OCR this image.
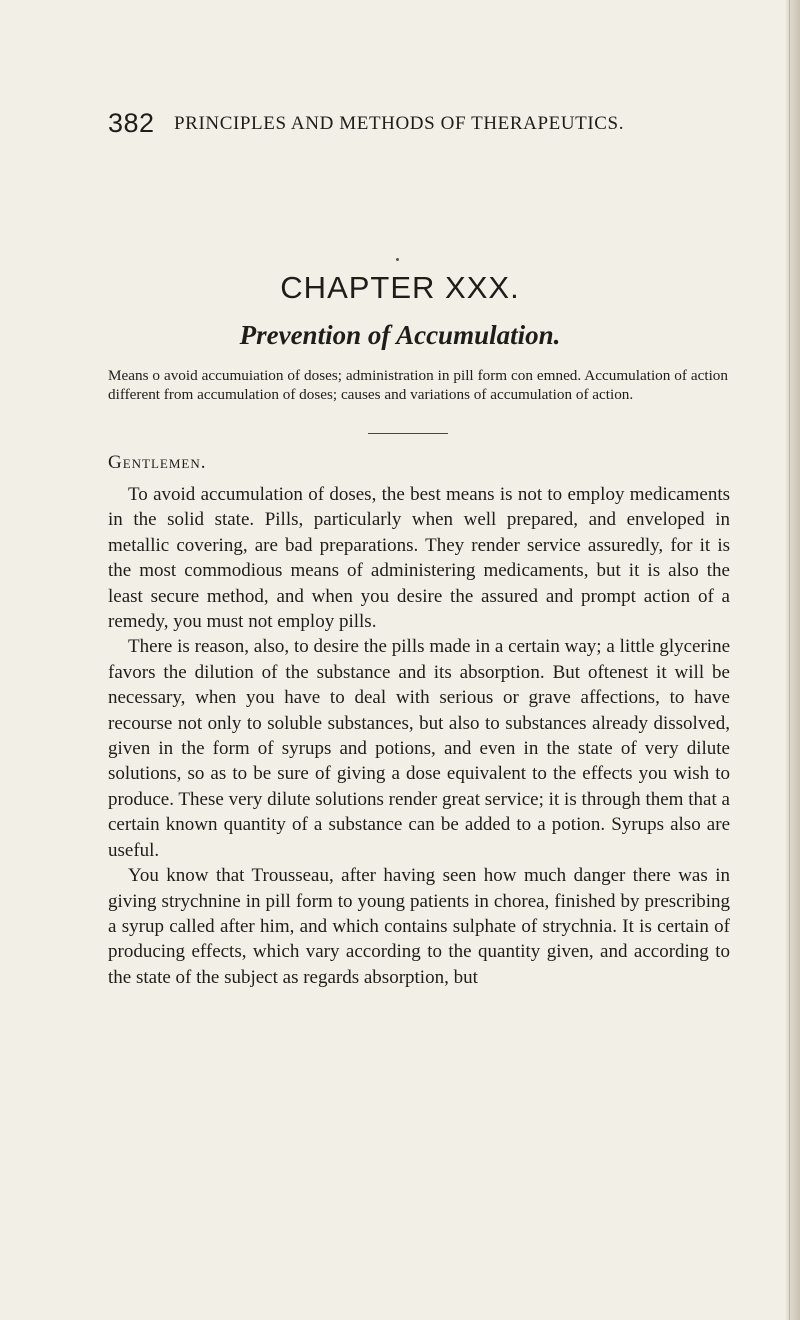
382 PRINCIPLES AND METHODS OF THERAPEUTICS.
CHAPTER XXX.
Prevention of Accumulation.

Means o avoid accumuiation of doses; administration in pill form con emned. Accumulation of action different from accumulation of doses; causes and variations of accumulation of action.

Gentlemen.

To avoid accumulation of doses, the best means is not to employ medicaments in the solid state. Pills, particularly when well prepared, and enveloped in metallic covering, are bad preparations. They render service assuredly, for it is the most commodious means of administering medicaments, but it is also the least secure method, and when you desire the assured and prompt action of a remedy, you must not employ pills.

There is reason, also, to desire the pills made in a certain way; a little glycerine favors the dilution of the substance and its absorption. But oftenest it will be necessary, when you have to deal with serious or grave affections, to have recourse not only to soluble substances, but also to substances already dissolved, given in the form of syrups and potions, and even in the state of very dilute solutions, so as to be sure of giving a dose equivalent to the effects you wish to produce. These very dilute solutions render great service; it is through them that a certain known quantity of a substance can be added to a potion. Syrups also are useful.

You know that Trousseau, after having seen how much danger there was in giving strychnine in pill form to young patients in chorea, finished by prescribing a syrup called after him, and which contains sulphate of strychnia. It is certain of producing effects, which vary according to the quantity given, and according to the state of the subject as regards absorption, but
